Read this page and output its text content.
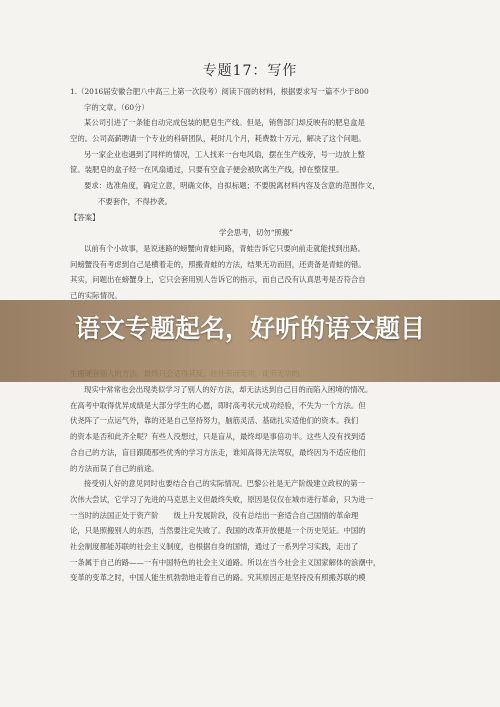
专题17：写作
1.（2016届安徽合肥八中高三上第一次段考）阅读下面的材料，根据要求写一篇不少于800
字的文章。（60分）
某公司引进了一条能自动完成包装的肥皂生产线。但是，销售部门却反映有的肥皂盒是
空的。公司高薪聘请一个专业的科研团队，耗时几个月，耗费数十万元，解决了这个问题。
另一家企业也遇到了同样的情况，工人找来一台电风扇，摆在生产线旁，号一边放上整
筐。装肥皂的盒子经一在风扇通过，只要有空盒子便会被吹离生产线，掉在整筐里。
要求：选准角度，确定立意，明确文体，自拟标题；不要脱离材料内容及含意的范围作文，
不要套作，不得抄袭。
【答案】
学会思考，切勿“照搬”
以前有个小故事，是说迷路的螃蟹向青蛙问路，青蛙告诉它只要向前走就能找到出路。
问螃蟹没有考虑到自己是横着走的，照搬青蛙的方法，结果无功而回，还责备是青蛙的错。
其实，问题出在螃蟹身上，它只会套用别人告诉它的指示，而自己没有认真思考是否符合自
己的实际情况。
现实中常常也会出现类似学习了别人的好方法，却无法达到自己目的而陷入困境的情况。
在高考中取得优异成绩是大部分学生的心愿，即时高考状元成功经验，不失为一个方法。但
伏尧阵了一点运气外，靠的还是自己坚持努力，脑筋灵活、基础扎实适他们的资本。我们
的资本是否和此齐全呢？有些人没想过，只是盲从，最终却是事倍功半。这些人没有找到适
合自己的方法，盲目跟随那些优秀的学习方法走，谁知高得无法驾驭，最终因为不适应他们
的方法而误了自己的前途。
接受别人好的意见同时也要结合自己的实际情况。巴黎公社是无产阶级建立政权的第一
次伟大尝试，它学习了先进的马克思主义但最终失败，原因是仅仅在城市进行革命，只为进一
一当时的法国正处于资产阶　　级上升发展阶段，没有总结出一套适合自己国情的革命理
论，只是照搬别人的东西，当然要注定失败了。我国的改革开放便是一个历史见证。中国的
社会制度都能苏联的社会主义制度，也根据自身的国情，通过了一系列学习实践，走出了
一条属于自己的路——一有中国特色的社会主义道路。所以在当今社会主义国家解体的浪潮中，
变革的变革之时，中国人能生机勃勃地走着自己的路。究其原因正是坚持没有照搬苏联的模
语文专题起名，好听的语文题目
